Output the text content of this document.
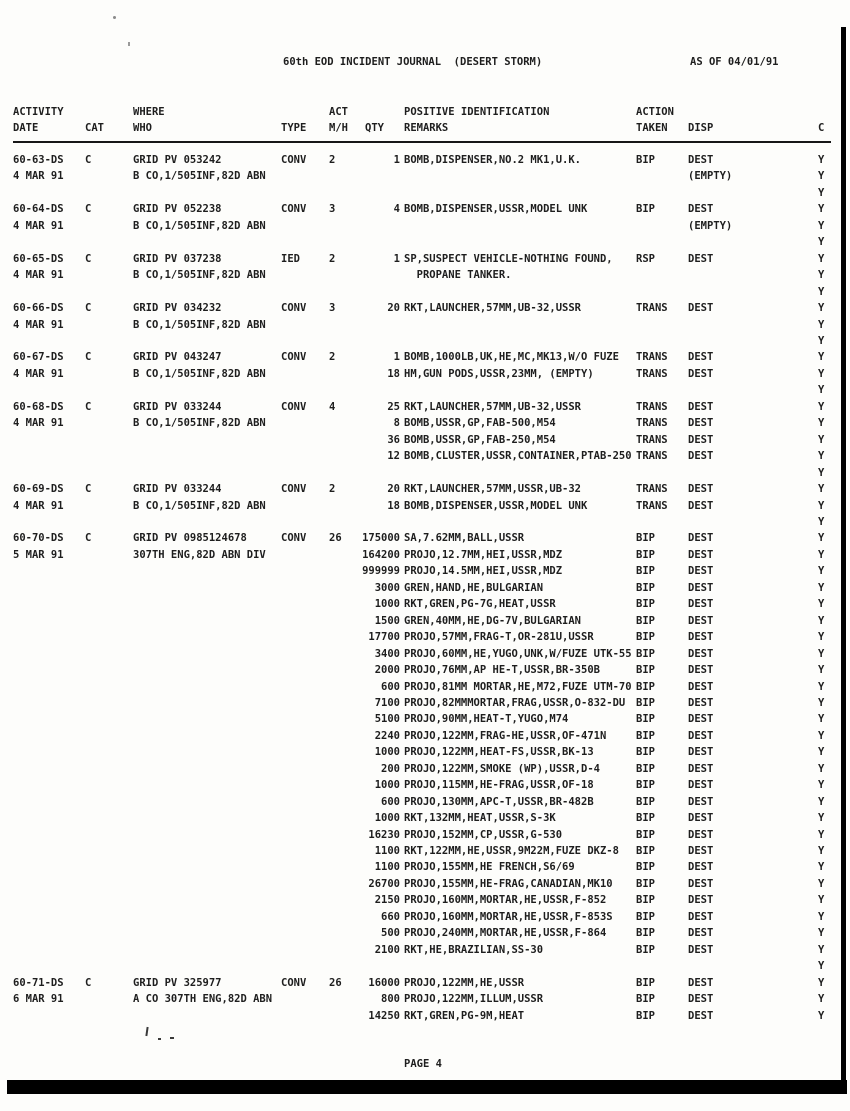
60th EOD INCIDENT JOURNAL  (DESERT STORM)	AS OF 04/01/91
ACTIVITY		WHERE		ACT		POSITIVE IDENTIFICATION	ACTION		
DATE	CAT	WHO	TYPE	M/H	QTY	REMARKS	TAKEN	DISP	C

60-63-DS	C	GRID PV 053242	CONV	2	1	BOMB,DISPENSER,NO.2 MK1,U.K.	BIP	DEST	Y
4 MAR 91		B CO,1/505INF,82D ABN						(EMPTY)	Y
									Y
60-64-DS	C	GRID PV 052238	CONV	3	4	BOMB,DISPENSER,USSR,MODEL UNK	BIP	DEST	Y
4 MAR 91		B CO,1/505INF,82D ABN						(EMPTY)	Y
									Y
60-65-DS	C	GRID PV 037238	IED	2	1	SP,SUSPECT VEHICLE-NOTHING FOUND,	RSP	DEST	Y
4 MAR 91		B CO,1/505INF,82D ABN				PROPANE TANKER.			Y
									Y
60-66-DS	C	GRID PV 034232	CONV	3	20	RKT,LAUNCHER,57MM,UB-32,USSR	TRANS	DEST	Y
4 MAR 91		B CO,1/505INF,82D ABN							Y
									Y
60-67-DS	C	GRID PV 043247	CONV	2	1	BOMB,1000LB,UK,HE,MC,MK13,W/O FUZE	TRANS	DEST	Y
4 MAR 91		B CO,1/505INF,82D ABN			18	HM,GUN PODS,USSR,23MM, (EMPTY)	TRANS	DEST	Y
									Y
60-68-DS	C	GRID PV 033244	CONV	4	25	RKT,LAUNCHER,57MM,UB-32,USSR	TRANS	DEST	Y
4 MAR 91		B CO,1/505INF,82D ABN			8	BOMB,USSR,GP,FAB-500,M54	TRANS	DEST	Y
					36	BOMB,USSR,GP,FAB-250,M54	TRANS	DEST	Y
					12	BOMB,CLUSTER,USSR,CONTAINER,PTAB-250	TRANS	DEST	Y
									Y
60-69-DS	C	GRID PV 033244	CONV	2	20	RKT,LAUNCHER,57MM,USSR,UB-32	TRANS	DEST	Y
4 MAR 91		B CO,1/505INF,82D ABN			18	BOMB,DISPENSER,USSR,MODEL UNK	TRANS	DEST	Y
									Y
60-70-DS	C	GRID PV 0985124678	CONV	26	175000	SA,7.62MM,BALL,USSR	BIP	DEST	Y
5 MAR 91		307TH ENG,82D ABN DIV			164200	PROJO,12.7MM,HEI,USSR,MDZ	BIP	DEST	Y
					999999	PROJO,14.5MM,HEI,USSR,MDZ	BIP	DEST	Y
					3000	GREN,HAND,HE,BULGARIAN	BIP	DEST	Y
					1000	RKT,GREN,PG-7G,HEAT,USSR	BIP	DEST	Y
					1500	GREN,40MM,HE,DG-7V,BULGARIAN	BIP	DEST	Y
					17700	PROJO,57MM,FRAG-T,OR-281U,USSR	BIP	DEST	Y
					3400	PROJO,60MM,HE,YUGO,UNK,W/FUZE UTK-55	BIP	DEST	Y
					2000	PROJO,76MM,AP HE-T,USSR,BR-350B	BIP	DEST	Y
					600	PROJO,81MM MORTAR,HE,M72,FUZE UTM-70	BIP	DEST	Y
					7100	PROJO,82MMMORTAR,FRAG,USSR,O-832-DU	BIP	DEST	Y
					5100	PROJO,90MM,HEAT-T,YUGO,M74	BIP	DEST	Y
					2240	PROJO,122MM,FRAG-HE,USSR,OF-471N	BIP	DEST	Y
					1000	PROJO,122MM,HEAT-FS,USSR,BK-13	BIP	DEST	Y
					200	PROJO,122MM,SMOKE (WP),USSR,D-4	BIP	DEST	Y
					1000	PROJO,115MM,HE-FRAG,USSR,OF-18	BIP	DEST	Y
					600	PROJO,130MM,APC-T,USSR,BR-482B	BIP	DEST	Y
					1000	RKT,132MM,HEAT,USSR,S-3K	BIP	DEST	Y
					16230	PROJO,152MM,CP,USSR,G-530	BIP	DEST	Y
					1100	RKT,122MM,HE,USSR,9M22M,FUZE DKZ-8	BIP	DEST	Y
					1100	PROJO,155MM,HE FRENCH,S6/69	BIP	DEST	Y
					26700	PROJO,155MM,HE-FRAG,CANADIAN,MK10	BIP	DEST	Y
					2150	PROJO,160MM,MORTAR,HE,USSR,F-852	BIP	DEST	Y
					660	PROJO,160MM,MORTAR,HE,USSR,F-853S	BIP	DEST	Y
					500	PROJO,240MM,MORTAR,HE,USSR,F-864	BIP	DEST	Y
					2100	RKT,HE,BRAZILIAN,SS-30	BIP	DEST	Y
									Y
60-71-DS	C	GRID PV 325977	CONV	26	16000	PROJO,122MM,HE,USSR	BIP	DEST	Y
6 MAR 91		A CO 307TH ENG,82D ABN			800	PROJO,122MM,ILLUM,USSR	BIP	DEST	Y
					14250	RKT,GREN,PG-9M,HEAT	BIP	DEST	Y
PAGE 4
